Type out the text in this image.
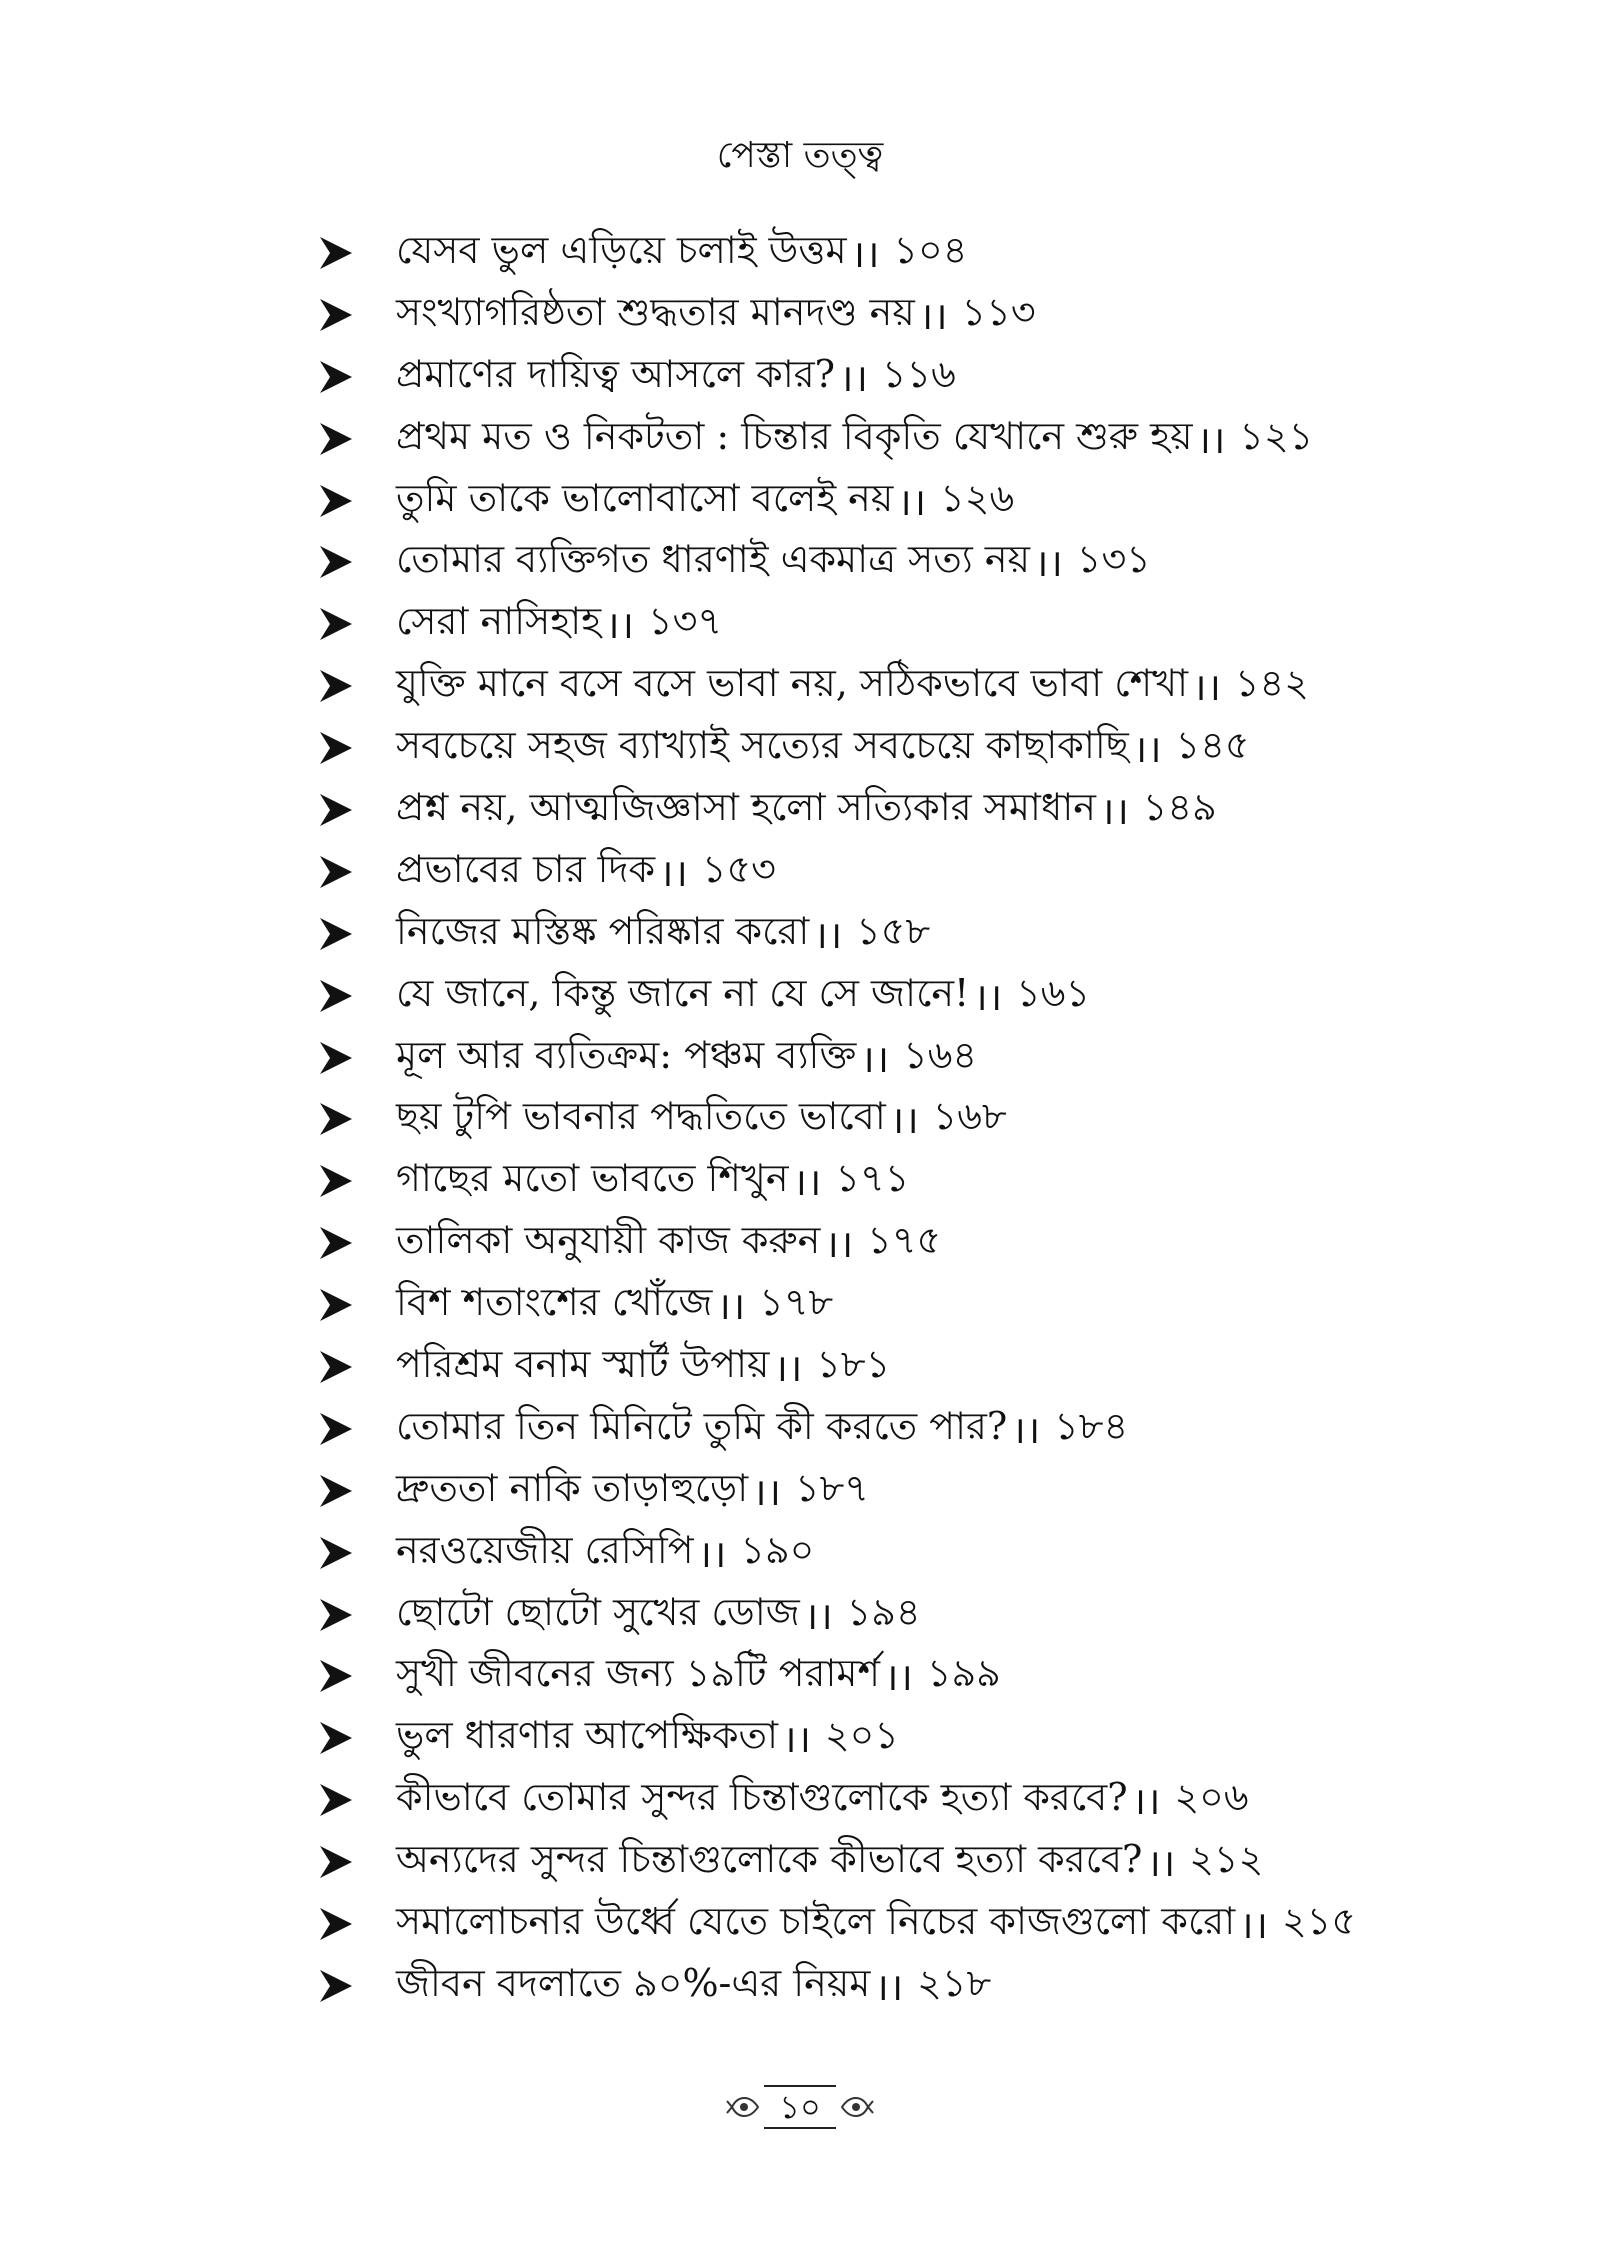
পেস্তা তত্ত্ব
যেসব ভুল এড়িয়ে চলাই উত্তম ।। ১০৪
সংখ্যাগরিষ্ঠতা শুদ্ধতার মানদণ্ড নয় ।। ১১৩
প্রমাণের দায়িত্ব আসলে কার? ।। ১১৬
প্রথম মত ও নিকটতা : চিন্তার বিকৃতি যেখানে শুরু হয় ।। ১২১
তুমি তাকে ভালোবাসো বলেই নয় ।। ১২৬
তোমার ব্যক্তিগত ধারণাই একমাত্র সত্য নয় ।। ১৩১
সেরা নাসিহাহ ।। ১৩৭
যুক্তি মানে বসে বসে ভাবা নয়, সঠিকভাবে ভাবা শেখা ।। ১৪২
সবচেয়ে সহজ ব্যাখ্যাই সত্যের সবচেয়ে কাছাকাছি ।। ১৪৫
প্রশ্ন নয়, আত্মজিজ্ঞাসা হলো সত্যিকার সমাধান ।। ১৪৯
প্রভাবের চার দিক ।। ১৫৩
নিজের মস্তিষ্ক পরিষ্কার করো ।। ১৫৮
যে জানে, কিন্তু জানে না যে সে জানে! ।। ১৬১
মূল আর ব্যতিক্রম: পঞ্চম ব্যক্তি ।। ১৬৪
ছয় টুপি ভাবনার পদ্ধতিতে ভাবো ।। ১৬৮
গাছের মতো ভাবতে শিখুন ।। ১৭১
তালিকা অনুযায়ী কাজ করুন ।। ১৭৫
বিশ শতাংশের খোঁজে ।। ১৭৮
পরিশ্রম বনাম স্মার্ট উপায় ।। ১৮১
তোমার তিন মিনিটে তুমি কী করতে পার? ।। ১৮৪
দ্রুততা নাকি তাড়াহুড়ো ।। ১৮৭
নরওয়েজীয় রেসিপি ।। ১৯০
ছোটো ছোটো সুখের ডোজ ।। ১৯৪
সুখী জীবনের জন্য ১৯টি পরামর্শ ।। ১৯৯
ভুল ধারণার আপেক্ষিকতা ।। ২০১
কীভাবে তোমার সুন্দর চিন্তাগুলোকে হত্যা করবে? ।। ২০৬
অন্যদের সুন্দর চিন্তাগুলোকে কীভাবে হত্যা করবে? ।। ২১২
সমালোচনার উর্ধ্বে যেতে চাইলে নিচের কাজগুলো করো ।। ২১৫
জীবন বদলাতে ৯০%-এর নিয়ম ।। ২১৮
১০
